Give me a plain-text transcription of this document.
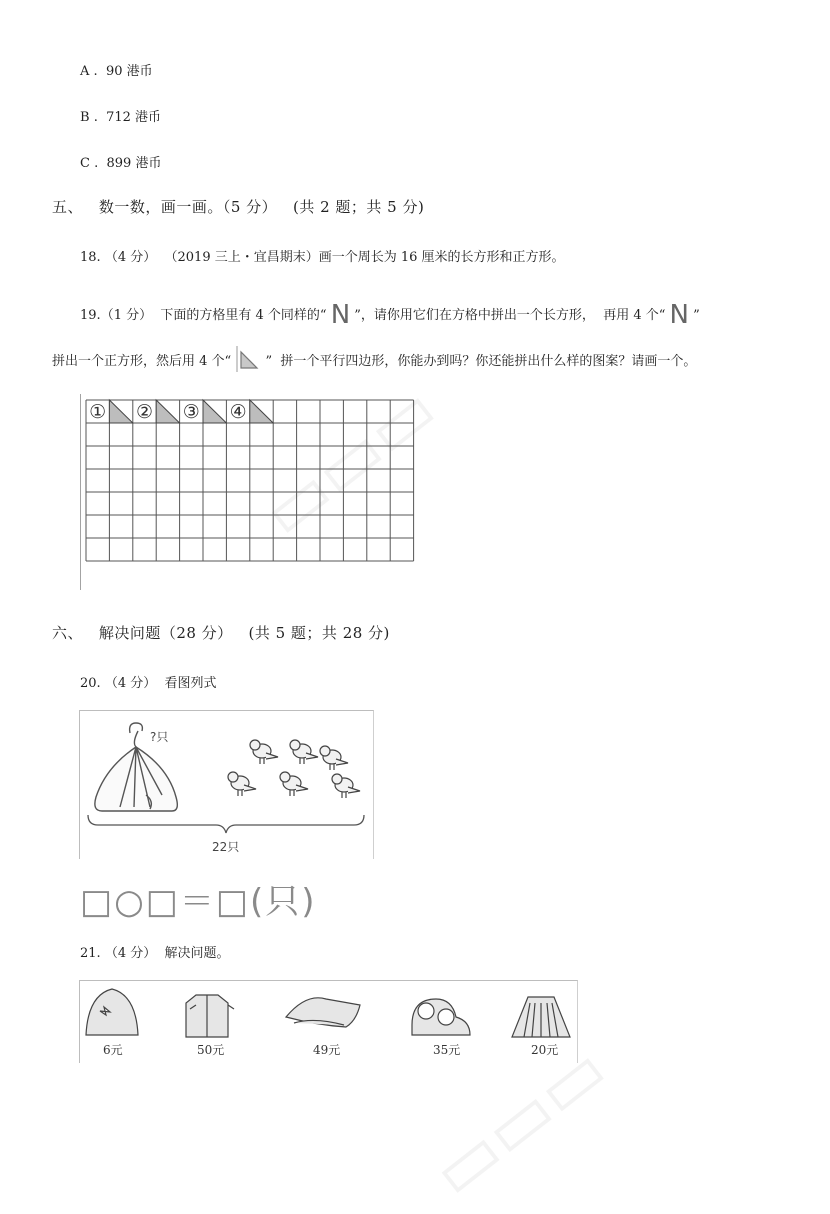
A . 90 港币
B . 712 港币
C . 899 港币
五、 数一数，画一画。（5 分） (共 2 题；共 5 分)
18. （4 分） （2019 三上・宜昌期末）画一个周长为 16 厘米的长方形和正方形。
19.（1 分） 下面的方格里有 4 个同样的“ N ”，请你用它们在方格中拼出一个长方形， 再用 4 个“ N ”
拼出一个正方形，然后用 4 个“	” 拼一个平行四边形，你能办到吗？你还能拼出什么样的图案？请画一个。
① ② ③ ④
六、 解决问题（28 分） (共 5 题；共 28 分)
20. （4 分） 看图列式
?只
22只
□○□＝□(只)
21. （4 分） 解决问题。
6元	50元	49元	35元	20元
